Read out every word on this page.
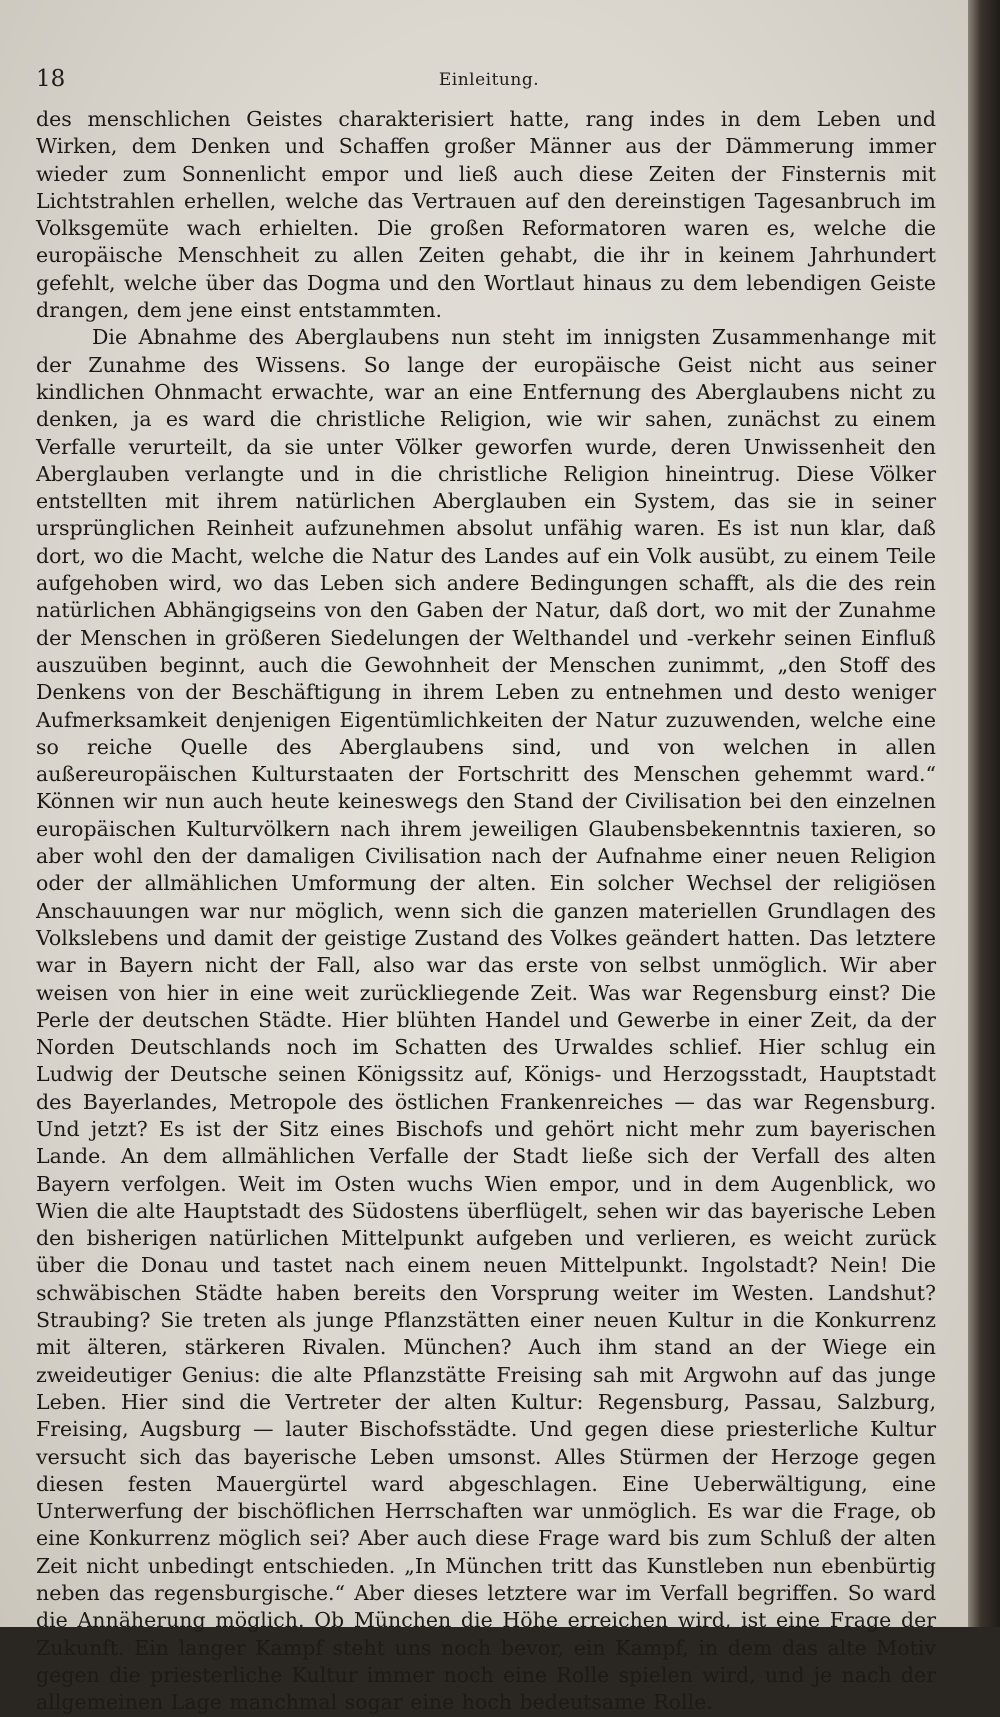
18	Einleitung.

des menschlichen Geistes charakterisiert hatte, rang indes in dem Leben und Wirken, dem Denken und Schaffen großer Männer aus der Dämmerung immer wieder zum Sonnenlicht empor und ließ auch diese Zeiten der Finsternis mit Lichtstrahlen erhellen, welche das Vertrauen auf den dereinstigen Tagesanbruch im Volksgemüte wach erhielten. Die großen Reformatoren waren es, welche die europäische Menschheit zu allen Zeiten gehabt, die ihr in keinem Jahrhundert gefehlt, welche über das Dogma und den Wortlaut hinaus zu dem lebendigen Geiste drangen, dem jene einst entstammten.

Die Abnahme des Aberglaubens nun steht im innigsten Zusammenhange mit der Zunahme des Wissens. So lange der europäische Geist nicht aus seiner kindlichen Ohnmacht erwachte, war an eine Entfernung des Aberglaubens nicht zu denken, ja es ward die christliche Religion, wie wir sahen, zunächst zu einem Verfalle verurteilt, da sie unter Völker geworfen wurde, deren Unwissenheit den Aberglauben verlangte und in die christliche Religion hineintrug. Diese Völker entstellten mit ihrem natürlichen Aberglauben ein System, das sie in seiner ursprünglichen Reinheit aufzunehmen absolut unfähig waren. Es ist nun klar, daß dort, wo die Macht, welche die Natur des Landes auf ein Volk ausübt, zu einem Teile aufgehoben wird, wo das Leben sich andere Bedingungen schafft, als die des rein natürlichen Abhängigseins von den Gaben der Natur, daß dort, wo mit der Zunahme der Menschen in größeren Siedelungen der Welthandel und -verkehr seinen Einfluß auszuüben beginnt, auch die Gewohnheit der Menschen zunimmt, „den Stoff des Denkens von der Beschäftigung in ihrem Leben zu entnehmen und desto weniger Aufmerksamkeit denjenigen Eigentümlichkeiten der Natur zuzuwenden, welche eine so reiche Quelle des Aberglaubens sind, und von welchen in allen außereuropäischen Kulturstaaten der Fortschritt des Menschen gehemmt ward.“ Können wir nun auch heute keineswegs den Stand der Civilisation bei den einzelnen europäischen Kulturvölkern nach ihrem jeweiligen Glaubensbekenntnis taxieren, so aber wohl den der damaligen Civilisation nach der Aufnahme einer neuen Religion oder der allmählichen Umformung der alten. Ein solcher Wechsel der religiösen Anschauungen war nur möglich, wenn sich die ganzen materiellen Grundlagen des Volkslebens und damit der geistige Zustand des Volkes geändert hatten. Das letztere war in Bayern nicht der Fall, also war das erste von selbst unmöglich. Wir aber weisen von hier in eine weit zurückliegende Zeit. Was war Regensburg einst? Die Perle der deutschen Städte. Hier blühten Handel und Gewerbe in einer Zeit, da der Norden Deutschlands noch im Schatten des Urwaldes schlief. Hier schlug ein Ludwig der Deutsche seinen Königssitz auf, Königs- und Herzogsstadt, Hauptstadt des Bayerlandes, Metropole des östlichen Frankenreiches — das war Regensburg. Und jetzt? Es ist der Sitz eines Bischofs und gehört nicht mehr zum bayerischen Lande. An dem allmählichen Verfalle der Stadt ließe sich der Verfall des alten Bayern verfolgen. Weit im Osten wuchs Wien empor, und in dem Augenblick, wo Wien die alte Hauptstadt des Südostens überflügelt, sehen wir das bayerische Leben den bisherigen natürlichen Mittelpunkt aufgeben und verlieren, es weicht zurück über die Donau und tastet nach einem neuen Mittelpunkt. Ingolstadt? Nein! Die schwäbischen Städte haben bereits den Vorsprung weiter im Westen. Landshut? Straubing? Sie treten als junge Pflanzstätten einer neuen Kultur in die Konkurrenz mit älteren, stärkeren Rivalen. München? Auch ihm stand an der Wiege ein zweideutiger Genius: die alte Pflanzstätte Freising sah mit Argwohn auf das junge Leben. Hier sind die Vertreter der alten Kultur: Regensburg, Passau, Salzburg, Freising, Augsburg — lauter Bischofsstädte. Und gegen diese priesterliche Kultur versucht sich das bayerische Leben umsonst. Alles Stürmen der Herzoge gegen diesen festen Mauergürtel ward abgeschlagen. Eine Ueberwältigung, eine Unterwerfung der bischöflichen Herrschaften war unmöglich. Es war die Frage, ob eine Konkurrenz möglich sei? Aber auch diese Frage ward bis zum Schluß der alten Zeit nicht unbedingt entschieden. „In München tritt das Kunstleben nun ebenbürtig neben das regensburgische.“ Aber dieses letztere war im Verfall begriffen. So ward die Annäherung möglich. Ob München die Höhe erreichen wird, ist eine Frage der Zukunft. Ein langer Kampf steht uns noch bevor, ein Kampf, in dem das alte Motiv gegen die priesterliche Kultur immer noch eine Rolle spielen wird, und je nach der allgemeinen Lage manchmal sogar eine hoch bedeutsame Rolle.
